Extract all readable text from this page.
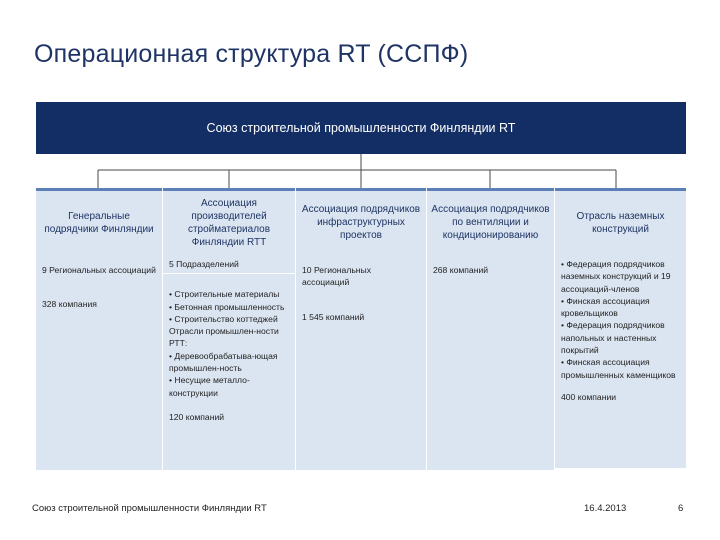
Операционная структура RT (ССПФ)
Союз строительной промышленности Финляндии RT
Генеральные подрядчики Финляндии

9 Региональных ассоциаций

328 компания

Ассоциация производителей стройматериалов Финляндии RTT

5 Подразделений

• Строительные материалы

• Бетонная промышленность

• Строительство коттеджей

Отрасли промышлен-ности РТТ:

• Деревообрабатыва-ющая промышлен-ность

• Несущие металло-конструкции

120 компаний

Ассоциация подрядчиков инфраструктурных проектов

10 Региональных ассоциаций

1 545 компаний

Ассоциация подрядчиков по вентиляции и кондиционированию

268 компаний

Отрасль наземных конструкций

• Федерация подрядчиков наземных конструкций и 19 ассоциаций-членов

• Финская ассоциация кровельщиков

• Федерация подрядчиков напольных и настенных покрытий

• Финская ассоциация промышленных каменщиков

400 компании

Союз строительной промышленности Финляндии RT	16.4.2013	6
